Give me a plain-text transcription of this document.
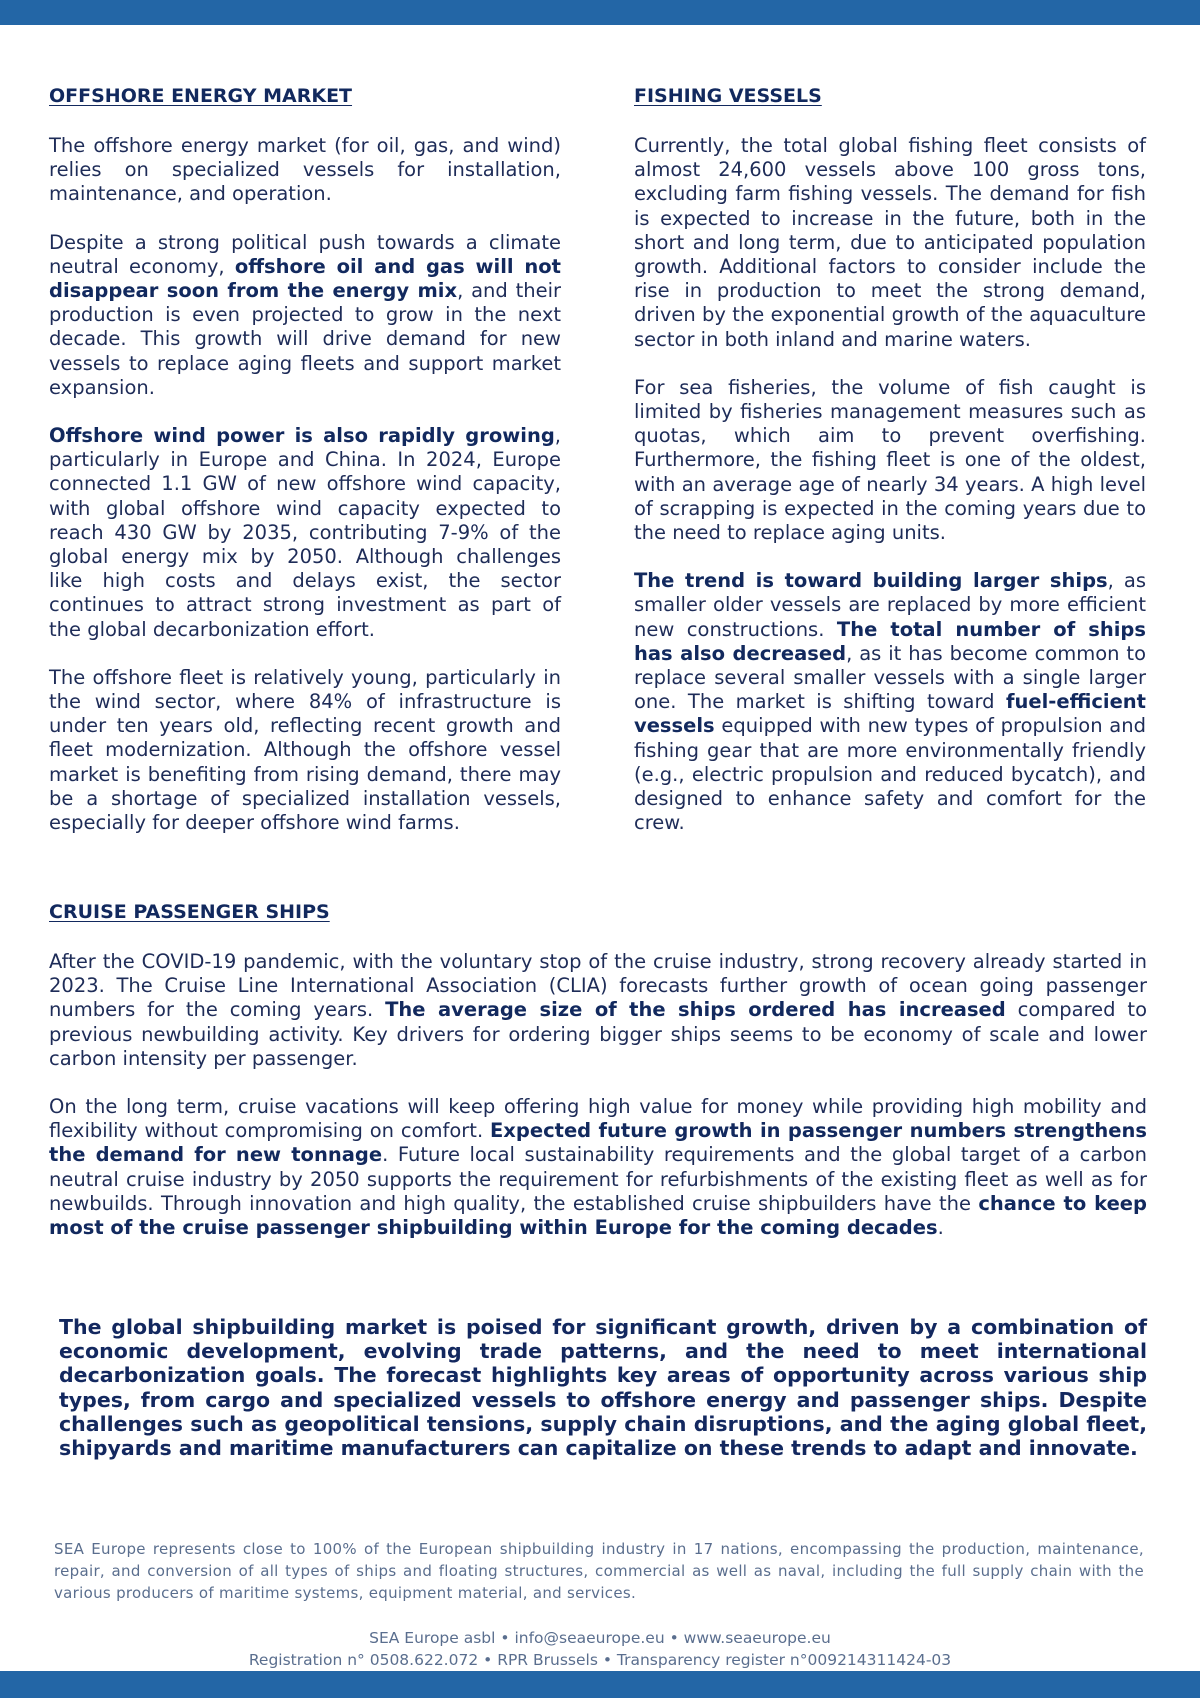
OFFSHORE ENERGY MARKET

The offshore energy market (for oil, gas, and wind) relies on specialized vessels for installation, maintenance, and operation.

Despite a strong political push towards a climate neutral economy, offshore oil and gas will not disappear soon from the energy mix, and their production is even projected to grow in the next decade. This growth will drive demand for new vessels to replace aging fleets and support market expansion.

Offshore wind power is also rapidly growing, particularly in Europe and China. In 2024, Europe connected 1.1 GW of new offshore wind capacity, with global offshore wind capacity expected to reach 430 GW by 2035, contributing 7-9% of the global energy mix by 2050. Although challenges like high costs and delays exist, the sector continues to attract strong investment as part of the global decarbonization effort.

The offshore fleet is relatively young, particularly in the wind sector, where 84% of infrastructure is under ten years old, reflecting recent growth and fleet modernization. Although the offshore vessel market is benefiting from rising demand, there may be a shortage of specialized installation vessels, especially for deeper offshore wind farms.

FISHING VESSELS

Currently, the total global fishing fleet consists of almost 24,600 vessels above 100 gross tons, excluding farm fishing vessels. The demand for fish is expected to increase in the future, both in the short and long term, due to anticipated population growth. Additional factors to consider include the rise in production to meet the strong demand, driven by the exponential growth of the aquaculture sector in both inland and marine waters.

For sea fisheries, the volume of fish caught is limited by fisheries management measures such as quotas, which aim to prevent overfishing. Furthermore, the fishing fleet is one of the oldest, with an average age of nearly 34 years. A high level of scrapping is expected in the coming years due to the need to replace aging units.

The trend is toward building larger ships, as smaller older vessels are replaced by more efficient new constructions. The total number of ships has also decreased, as it has become common to replace several smaller vessels with a single larger one. The market is shifting toward fuel-efficient vessels equipped with new types of propulsion and fishing gear that are more environmentally friendly (e.g., electric propulsion and reduced bycatch), and designed to enhance safety and comfort for the crew.

CRUISE PASSENGER SHIPS

After the COVID-19 pandemic, with the voluntary stop of the cruise industry, strong recovery already started in 2023. The Cruise Line International Association (CLIA) forecasts further growth of ocean going passenger numbers for the coming years. The average size of the ships ordered has increased compared to previous newbuilding activity. Key drivers for ordering bigger ships seems to be economy of scale and lower carbon intensity per passenger.

On the long term, cruise vacations will keep offering high value for money while providing high mobility and flexibility without compromising on comfort. Expected future growth in passenger numbers strengthens the demand for new tonnage. Future local sustainability requirements and the global target of a carbon neutral cruise industry by 2050 supports the requirement for refurbishments of the existing fleet as well as for newbuilds. Through innovation and high quality, the established cruise shipbuilders have the chance to keep most of the cruise passenger shipbuilding within Europe for the coming decades.

The global shipbuilding market is poised for significant growth, driven by a combination of economic development, evolving trade patterns, and the need to meet international decarbonization goals. The forecast highlights key areas of opportunity across various ship types, from cargo and specialized vessels to offshore energy and passenger ships. Despite challenges such as geopolitical tensions, supply chain disruptions, and the aging global fleet, shipyards and maritime manufacturers can capitalize on these trends to adapt and innovate.

SEA Europe represents close to 100% of the European shipbuilding industry in 17 nations, encompassing the production, maintenance, repair, and conversion of all types of ships and floating structures, commercial as well as naval, including the full supply chain with the various producers of maritime systems, equipment material, and services.

SEA Europe asbl • info@seaeurope.eu • www.seaeurope.eu

Registration n° 0508.622.072 • RPR Brussels • Transparency register n°009214311424-03
